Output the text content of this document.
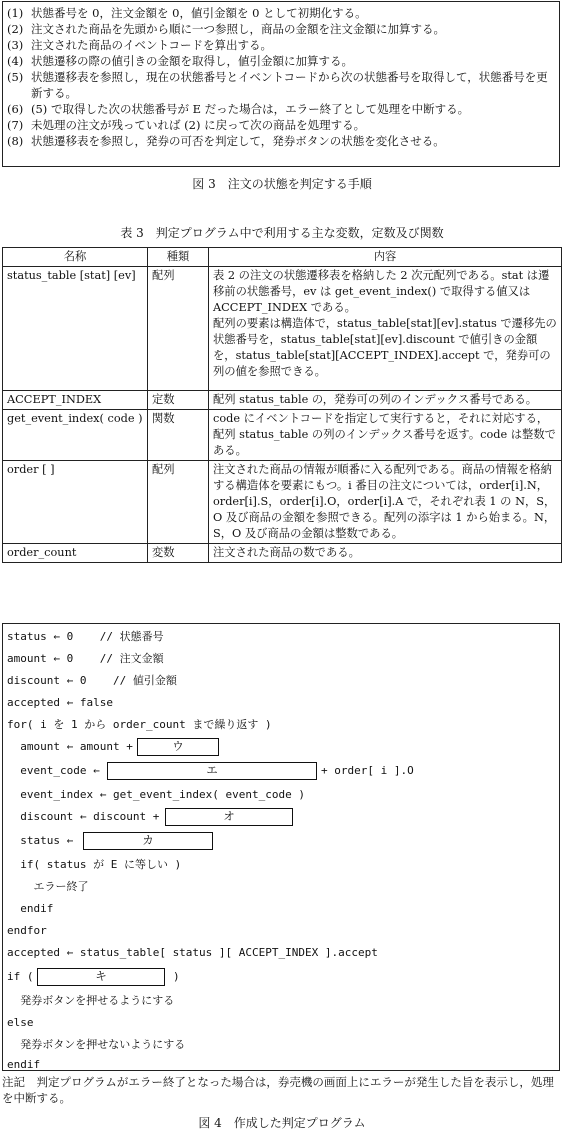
(1) 状態番号を 0，注文金額を 0，値引金額を 0 として初期化する。
(2) 注文された商品を先頭から順に一つ参照し，商品の金額を注文金額に加算する。
(3) 注文された商品のイベントコードを算出する。
(4) 状態遷移の際の値引きの金額を取得し，値引金額に加算する。
(5) 状態遷移表を参照し，現在の状態番号とイベントコードから次の状態番号を取得して，状態番号を更新する。
(6) (5) で取得した次の状態番号が E だった場合は，エラー終了として処理を中断する。
(7) 未処理の注文が残っていれば (2) に戻って次の商品を処理する。
(8) 状態遷移表を参照し，発券の可否を判定して，発券ボタンの状態を変化させる。
図 3　注文の状態を判定する手順
表 3　判定プログラム中で利用する主な変数，定数及び関数
名称	種類	内容
status_table [stat] [ev]	配列	表 2 の注文の状態遷移表を格納した 2 次元配列である。stat は遷移前の状態番号，ev は get_event_index() で取得する値又は ACCEPT_INDEX である。
配列の要素は構造体で，status_table[stat][ev].status で遷移先の状態番号を，status_table[stat][ev].discount で値引きの金額を，status_table[stat][ACCEPT_INDEX].accept で，発券可の列の値を参照できる。
ACCEPT_INDEX	定数	配列 status_table の，発券可の列のインデックス番号である。
get_event_index( code )	関数	code にイベントコードを指定して実行すると，それに対応する，配列 status_table の列のインデックス番号を返す。code は整数である。
order [ ]	配列	注文された商品の情報が順番に入る配列である。商品の情報を格納する構造体を要素にもつ。i 番目の注文については，order[i].N，order[i].S，order[i].O，order[i].A で，それぞれ表 1 の N，S，O 及び商品の金額を参照できる。配列の添字は 1 から始まる。N，S，O 及び商品の金額は整数である。
order_count	変数	注文された商品の数である。
status ← 0    // 状態番号
amount ← 0    // 注文金額
discount ← 0    // 値引金額
accepted ← false
for( i を 1 から order_count まで繰り返す )
amount ← amount +	ウ
event_code ←	エ	+ order[ i ].O
event_index ← get_event_index( event_code )
discount ← discount +	オ
status ←	カ
if( status が E に等しい )
エラー終了
endif
endfor
accepted ← status_table[ status ][ ACCEPT_INDEX ].accept
if (	キ	)
発券ボタンを押せるようにする
else
発券ボタンを押せないようにする
endif
注記　 判定プログラムがエラー終了となった場合は，券売機の画面上にエラーが発生した旨を表示し，処理を中断する。
図 4　作成した判定プログラム
